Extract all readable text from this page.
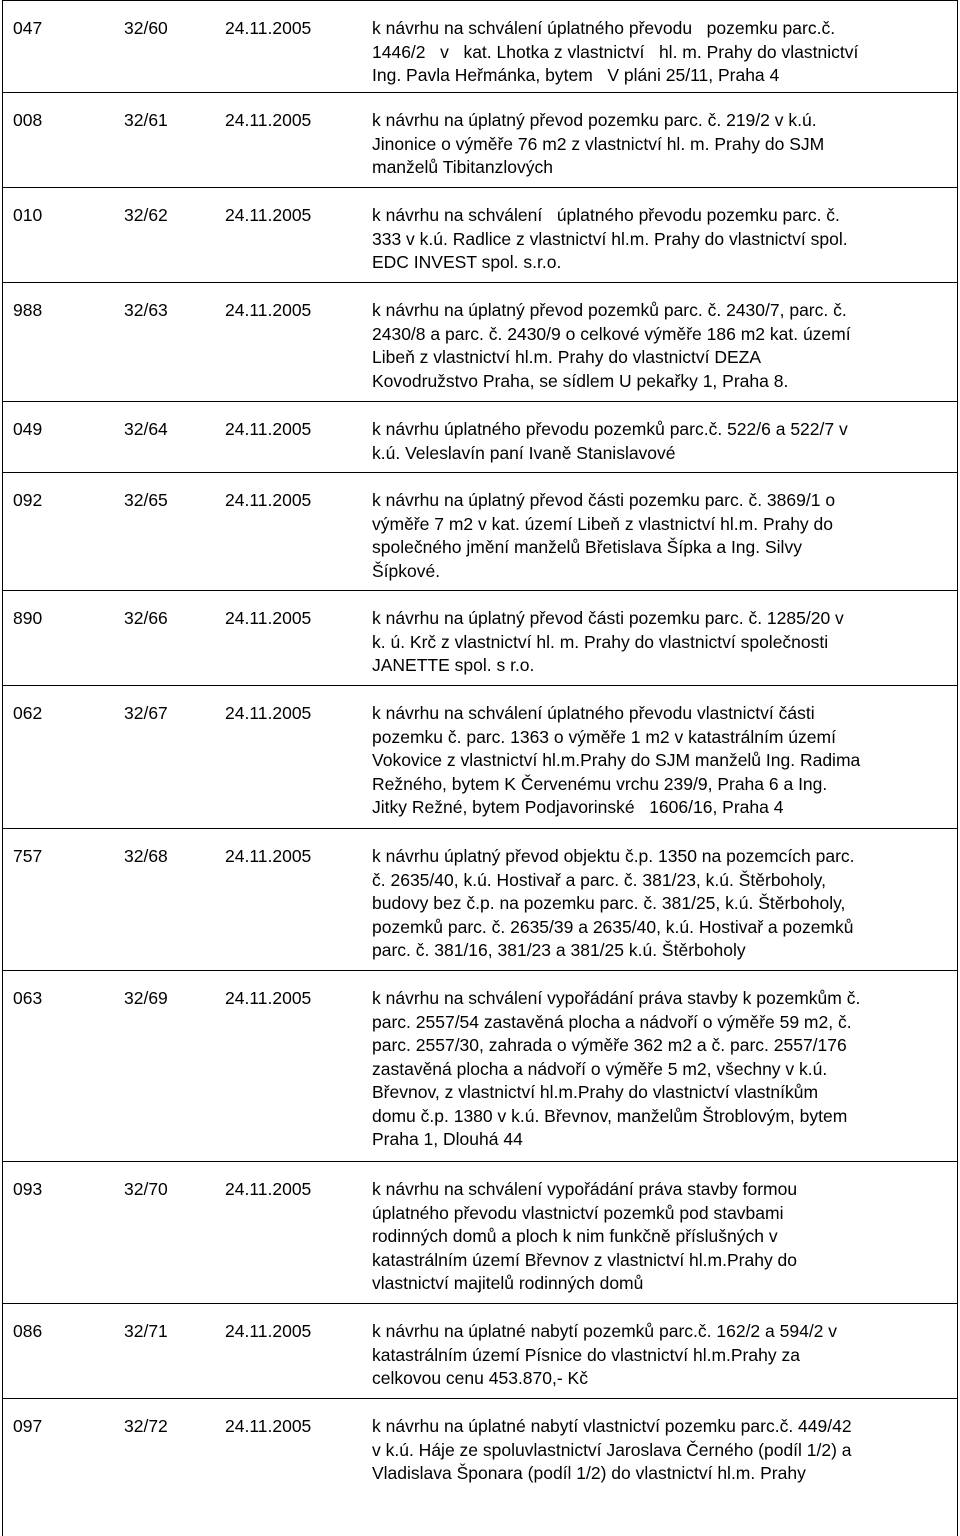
047	32/60	24.11.2005	k návrhu na schválení úplatného převodu   pozemku parc.č.
1446/2   v   kat. Lhotka z vlastnictví   hl. m. Prahy do vlastnictví
Ing. Pavla Heřmánka, bytem   V pláni 25/11, Praha 4
008	32/61	24.11.2005	k návrhu na úplatný převod pozemku parc. č. 219/2 v k.ú.
Jinonice o výměře 76 m2 z vlastnictví hl. m. Prahy do SJM
manželů Tibitanzlových
010	32/62	24.11.2005	k návrhu na schválení   úplatného převodu pozemku parc. č.
333 v k.ú. Radlice z vlastnictví hl.m. Prahy do vlastnictví spol.
EDC INVEST spol. s.r.o.
988	32/63	24.11.2005	k návrhu na úplatný převod pozemků parc. č. 2430/7, parc. č.
2430/8 a parc. č. 2430/9 o celkové výměře 186 m2 kat. území
Libeň z vlastnictví hl.m. Prahy do vlastnictví DEZA
Kovodružstvo Praha, se sídlem U pekařky 1, Praha 8.
049	32/64	24.11.2005	k návrhu úplatného převodu pozemků parc.č. 522/6 a 522/7 v
k.ú. Veleslavín paní Ivaně Stanislavové
092	32/65	24.11.2005	k návrhu na úplatný převod části pozemku parc. č. 3869/1 o
výměře 7 m2 v kat. území Libeň z vlastnictví hl.m. Prahy do
společného jmění manželů Břetislava Šípka a Ing. Silvy
Šípkové.
890	32/66	24.11.2005	k návrhu na úplatný převod části pozemku parc. č. 1285/20 v
k. ú. Krč z vlastnictví hl. m. Prahy do vlastnictví společnosti
JANETTE spol. s r.o.
062	32/67	24.11.2005	k návrhu na schválení úplatného převodu vlastnictví části
pozemku č. parc. 1363 o výměře 1 m2 v katastrálním území
Vokovice z vlastnictví hl.m.Prahy do SJM manželů Ing. Radima
Režného, bytem K Červenému vrchu 239/9, Praha 6 a Ing.
Jitky Režné, bytem Podjavorinské   1606/16, Praha 4
757	32/68	24.11.2005	k návrhu úplatný převod objektu č.p. 1350 na pozemcích parc.
č. 2635/40, k.ú. Hostivař a parc. č. 381/23, k.ú. Štěrboholy,
budovy bez č.p. na pozemku parc. č. 381/25, k.ú. Štěrboholy,
pozemků parc. č. 2635/39 a 2635/40, k.ú. Hostivař a pozemků
parc. č. 381/16, 381/23 a 381/25 k.ú. Štěrboholy
063	32/69	24.11.2005	k návrhu na schválení vypořádání práva stavby k pozemkům č.
parc. 2557/54 zastavěná plocha a nádvoří o výměře 59 m2, č.
parc. 2557/30, zahrada o výměře 362 m2 a č. parc. 2557/176
zastavěná plocha a nádvoří o výměře 5 m2, všechny v k.ú.
Břevnov, z vlastnictví hl.m.Prahy do vlastnictví vlastníkům
domu č.p. 1380 v k.ú. Břevnov, manželům Štroblovým, bytem
Praha 1, Dlouhá 44
093	32/70	24.11.2005	k návrhu na schválení vypořádání práva stavby formou
úplatného převodu vlastnictví pozemků pod stavbami
rodinných domů a ploch k nim funkčně příslušných v
katastrálním území Břevnov z vlastnictví hl.m.Prahy do
vlastnictví majitelů rodinných domů
086	32/71	24.11.2005	k návrhu na úplatné nabytí pozemků parc.č. 162/2 a 594/2 v
katastrálním území Písnice do vlastnictví hl.m.Prahy za
celkovou cenu 453.870,- Kč
097	32/72	24.11.2005	k návrhu na úplatné nabytí vlastnictví pozemku parc.č. 449/42
v k.ú. Háje ze spoluvlastnictví Jaroslava Černého (podíl 1/2) a
Vladislava Šponara (podíl 1/2) do vlastnictví hl.m. Prahy
